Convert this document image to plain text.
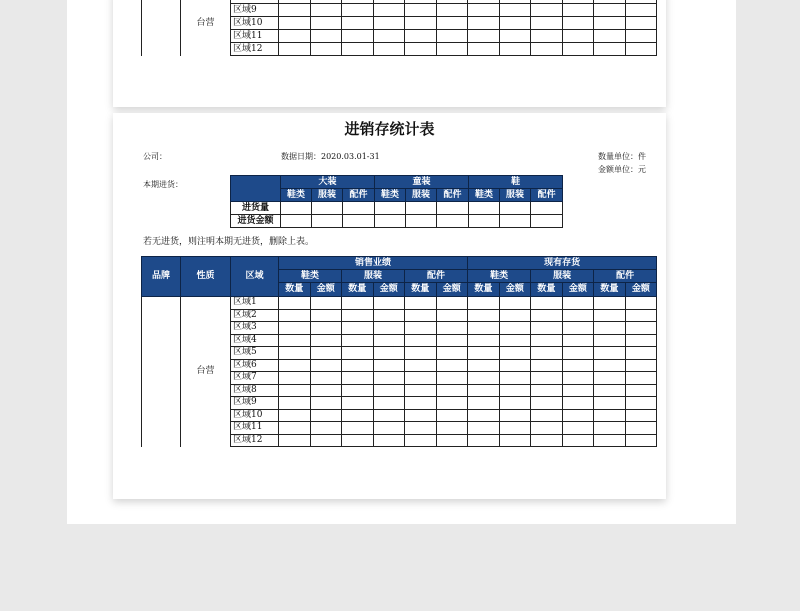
	台营													
		区域9												
		区域10												
		区域11												
		区域12												
进销存统计表
公司：	数据日期：2020.03.01-31	数量单位：件
金额单位：元
本期进货：
		大装			童装			鞋		
	鞋类	服装	配件	鞋类	服装	配件	鞋类	服装	配件
进货量									
进货金额									
若无进货，则注明本期无进货，删除上表。
品牌	性质	区域	销售业绩						现有存货					
			鞋类		服装		配件		鞋类		服装		配件	
			数量	金额	数量	金额	数量	金额	数量	金额	数量	金额	数量	金额
	台营	区域1												
		区域2												
		区域3												
		区域4												
		区域5												
		区域6												
		区域7												
		区域8												
		区域9												
		区域10												
		区域11												
		区域12												
